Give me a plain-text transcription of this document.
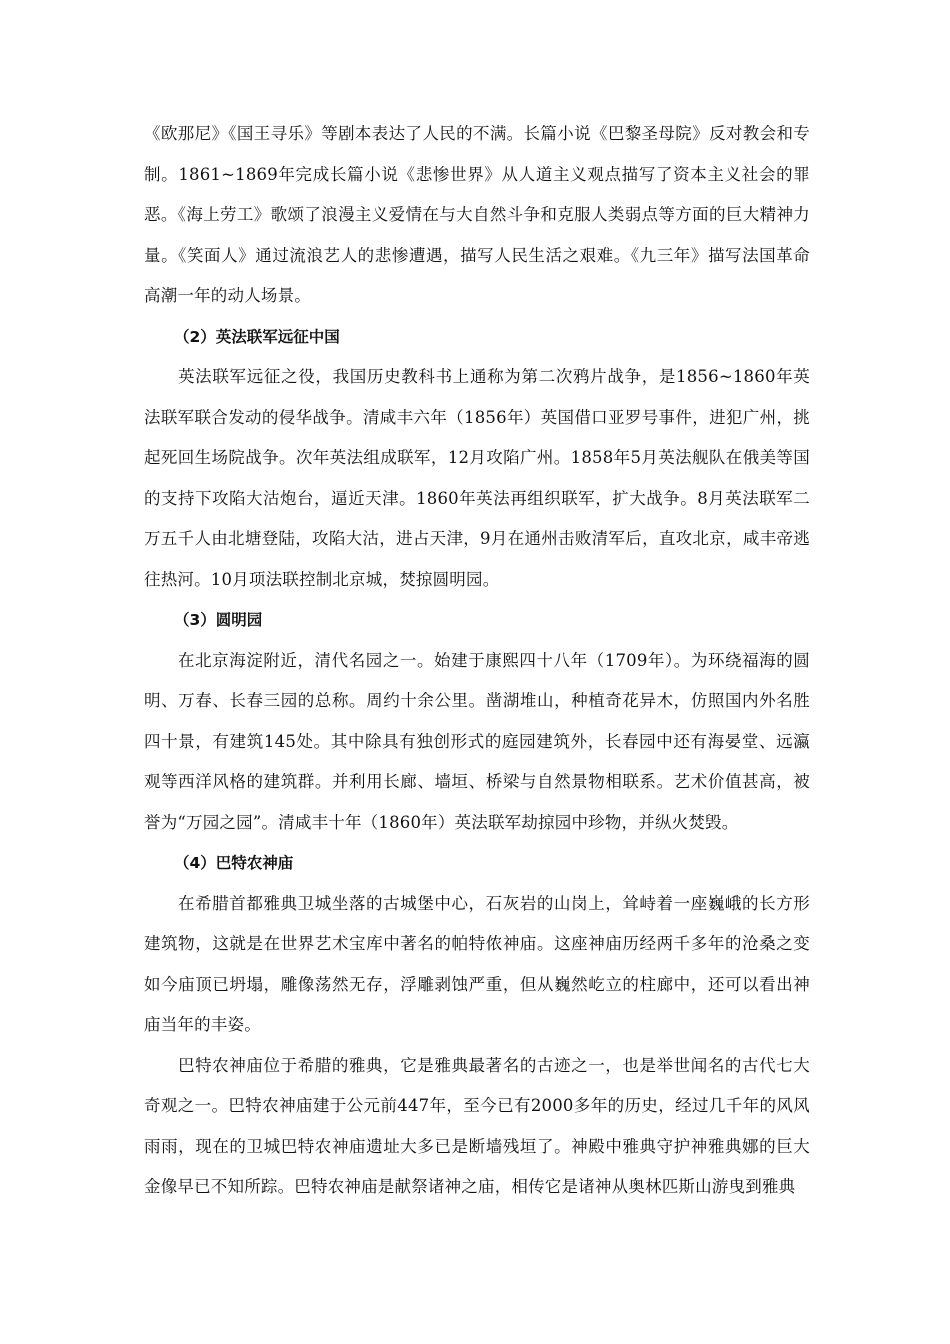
《欧那尼》《国王寻乐》等剧本表达了人民的不满。长篇小说《巴黎圣母院》反对教会和专制。1861~1869年完成长篇小说《悲惨世界》从人道主义观点描写了资本主义社会的罪恶。《海上劳工》歌颂了浪漫主义爱情在与大自然斗争和克服人类弱点等方面的巨大精神力量。《笑面人》通过流浪艺人的悲惨遭遇，描写人民生活之艰难。《九三年》描写法国革命高潮一年的动人场景。

（2）英法联军远征中国

英法联军远征之役，我国历史教科书上通称为第二次鸦片战争，是1856~1860年英法联军联合发动的侵华战争。清咸丰六年（1856年）英国借口亚罗号事件，进犯广州，挑起死回生场院战争。次年英法组成联军，12月攻陷广州。1858年5月英法舰队在俄美等国的支持下攻陷大沽炮台，逼近天津。1860年英法再组织联军，扩大战争。8月英法联军二万五千人由北塘登陆，攻陷大沽，进占天津，9月在通州击败清军后，直攻北京，咸丰帝逃往热河。10月项法联控制北京城，焚掠圆明园。

（3）圆明园

在北京海淀附近，清代名园之一。始建于康熙四十八年（1709年）。为环绕福海的圆明、万春、长春三园的总称。周约十余公里。凿湖堆山，种植奇花异木，仿照国内外名胜四十景，有建筑145处。其中除具有独创形式的庭园建筑外，长春园中还有海晏堂、远瀛观等西洋风格的建筑群。并利用长廊、墙垣、桥梁与自然景物相联系。艺术价值甚高，被誉为“万园之园”。清咸丰十年（1860年）英法联军劫掠园中珍物，并纵火焚毁。

（4）巴特农神庙

在希腊首都雅典卫城坐落的古城堡中心，石灰岩的山岗上，耸峙着一座巍峨的长方形建筑物，这就是在世界艺术宝库中著名的帕特侬神庙。这座神庙历经两千多年的沧桑之变如今庙顶已坍塌，雕像荡然无存，浮雕剥蚀严重，但从巍然屹立的柱廊中，还可以看出神庙当年的丰姿。

巴特农神庙位于希腊的雅典，它是雅典最著名的古迹之一，也是举世闻名的古代七大奇观之一。巴特农神庙建于公元前447年，至今已有2000多年的历史，经过几千年的风风雨雨，现在的卫城巴特农神庙遗址大多已是断墙残垣了。神殿中雅典守护神雅典娜的巨大金像早已不知所踪。巴特农神庙是献祭诸神之庙，相传它是诸神从奥林匹斯山游曳到雅典
